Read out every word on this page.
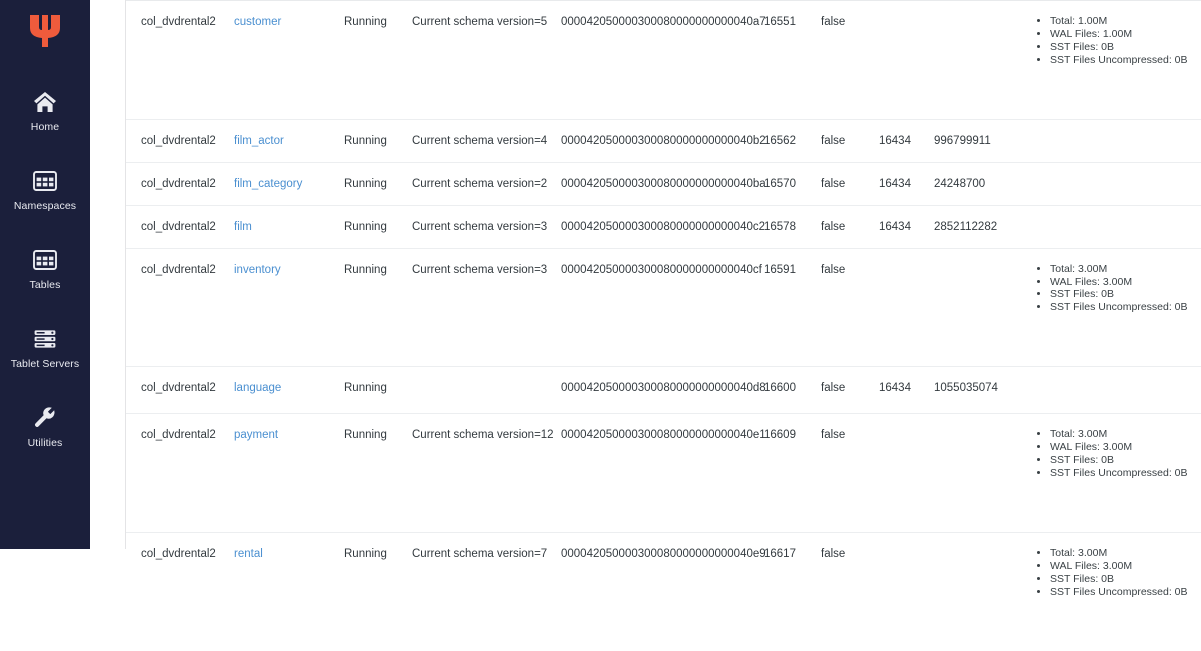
Home
Namespaces
Tables
Tablet Servers
Utilities
col_dvdrental2	customer	Running	Current schema version=5	000042050000300080000000000040a7	16551	false			
•Total: 1.00M
• WAL Files: 1.00M
• SST Files: 0B
• SST Files Uncompressed: 0B

col_dvdrental2	film_actor	Running	Current schema version=4	000042050000300080000000000040b2	16562	false	16434	996799911	
col_dvdrental2	film_category	Running	Current schema version=2	000042050000300080000000000040ba	16570	false	16434	24248700	
col_dvdrental2	film	Running	Current schema version=3	000042050000300080000000000040c2	16578	false	16434	2852112282	
col_dvdrental2	inventory	Running	Current schema version=3	000042050000300080000000000040cf	16591	false			
•Total: 3.00M
• WAL Files: 3.00M
• SST Files: 0B
• SST Files Uncompressed: 0B

col_dvdrental2	language	Running		000042050000300080000000000040d8	16600	false	16434	1055035074	
col_dvdrental2	payment	Running	Current schema version=12	000042050000300080000000000040e1	16609	false			
•Total: 3.00M
• WAL Files: 3.00M
• SST Files: 0B
• SST Files Uncompressed: 0B

col_dvdrental2	rental	Running	Current schema version=7	000042050000300080000000000040e9	16617	false			
•Total: 3.00M
• WAL Files: 3.00M
• SST Files: 0B
• SST Files Uncompressed: 0B
